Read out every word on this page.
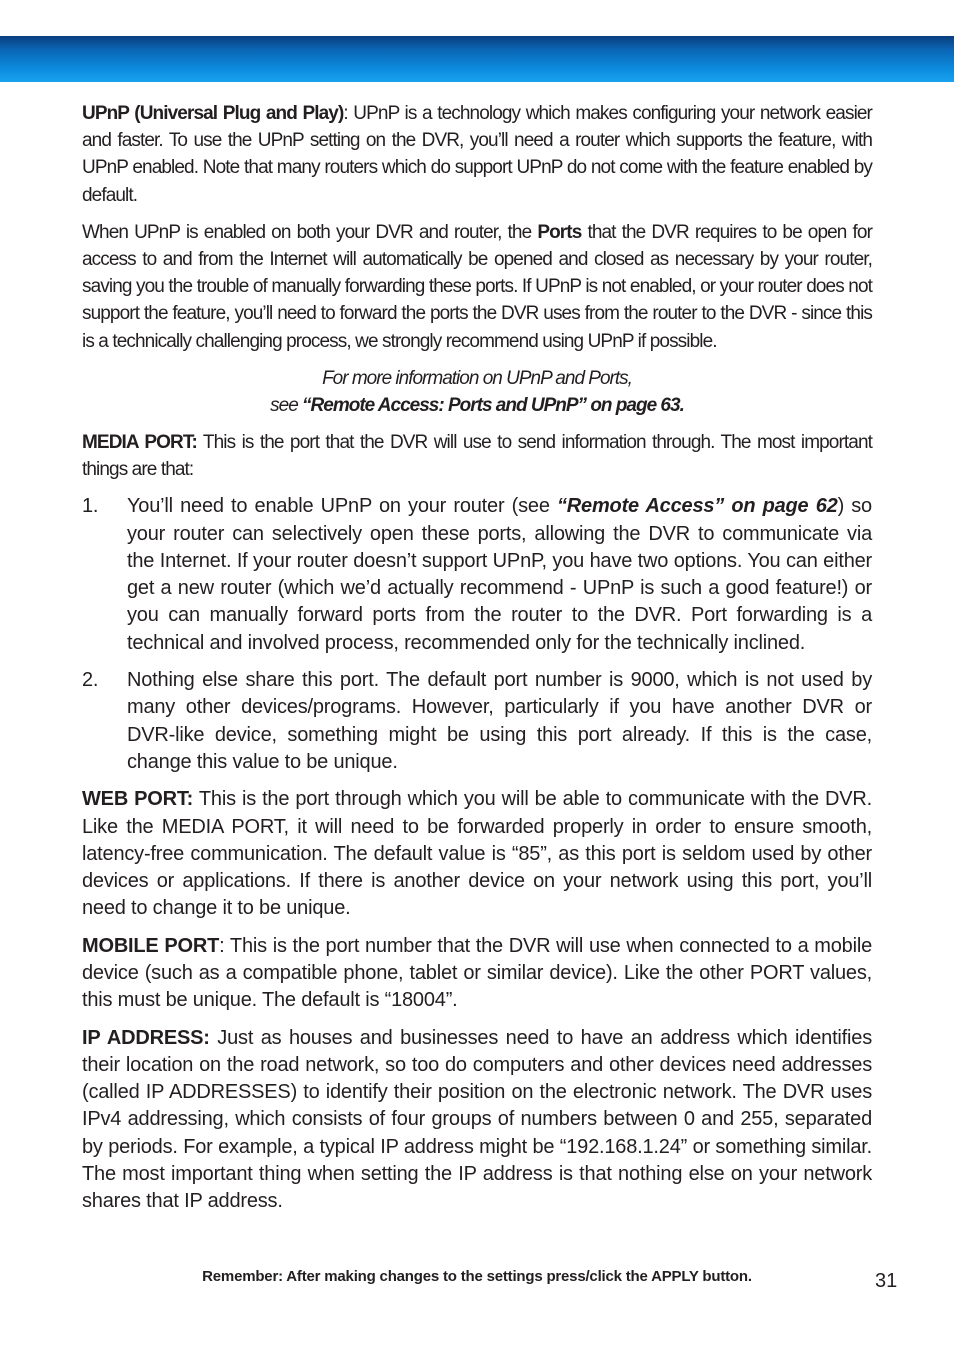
UPnP (Universal Plug and Play): UPnP is a technology which makes configuring your network easier and faster. To use the UPnP setting on the DVR, you’ll need a router which supports the feature, with UPnP enabled. Note that many routers which do support UPnP do not come with the feature enabled by default.

When UPnP is enabled on both your DVR and router, the Ports that the DVR requires to be open for access to and from the Internet will automatically be opened and closed as necessary by your router, saving you the trouble of manually forwarding these ports. If UPnP is not enabled, or your router does not support the feature, you’ll need to forward the ports the DVR uses from the router to the DVR - since this is a technically challenging process, we strongly recommend using UPnP if possible.

For more information on UPnP and Ports,
see “Remote Access: Ports and UPnP” on page 63.

MEDIA PORT: This is the port that the DVR will use to send information through. The most important things are that:

1. You’ll need to enable UPnP on your router (see “Remote Access” on page 62) so your router can selectively open these ports, allowing the DVR to communicate via the Internet. If your router doesn’t support UPnP, you have two options. You can either get a new router (which we’d actually recommend - UPnP is such a good feature!) or you can manually forward ports from the router to the DVR. Port forwarding is a technical and involved process, recommended only for the technically inclined.
2. Nothing else share this port. The default port number is 9000, which is not used by many other devices/programs. However, particularly if you have another DVR or DVR-like device, something might be using this port already. If this is the case, change this value to be unique.

WEB PORT: This is the port through which you will be able to communicate with the DVR. Like the MEDIA PORT, it will need to be forwarded properly in order to ensure smooth, latency-free communication. The default value is “85”, as this port is seldom used by other devices or applications. If there is another device on your network using this port, you’ll need to change it to be unique.

MOBILE PORT: This is the port number that the DVR will use when connected to a mobile device (such as a compatible phone, tablet or similar device). Like the other PORT values, this must be unique. The default is “18004”.

IP ADDRESS: Just as houses and businesses need to have an address which identifies their location on the road network, so too do computers and other devices need addresses (called IP ADDRESSES) to identify their position on the electronic network. The DVR uses IPv4 addressing, which consists of four groups of numbers between 0 and 255, separated by periods. For example, a typical IP address might be “192.168.1.24” or something similar. The most important thing when setting the IP address is that nothing else on your network shares that IP address.

Remember: After making changes to the settings press/click the APPLY button.	31
